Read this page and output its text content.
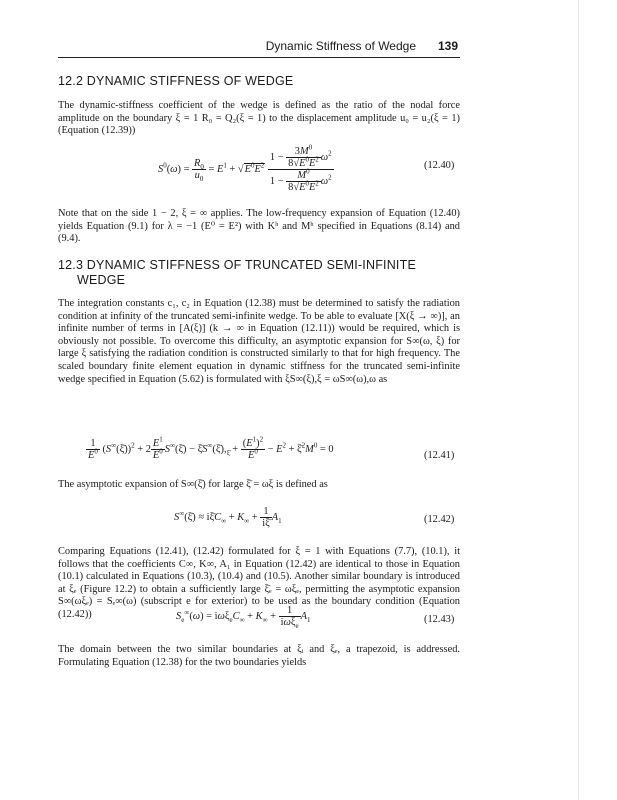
Dynamic Stiffness of Wedge 139
12.2 DYNAMIC STIFFNESS OF WEDGE

The dynamic-stiffness coefficient of the wedge is defined as the ratio of the nodal force amplitude on the boundary ξ = 1 R₀ = Q₂(ξ = 1) to the displacement amplitude u₀ = u₂(ξ = 1) (Equation (12.39))

$S^0(\omega) = \frac{R_0}{u_0} = E^1 + √E^0E^2 \frac{1 - \frac{3M^0}{8√E^0E^2} \omega^2}{1 - \frac{M^0}{8√E^0E^2} \omega^2}$	(12.40)

Note that on the side 1 − 2, ξ = ∞ applies. The low-frequency expansion of Equation (12.40) yields Equation (9.1) for λ = −1 (E⁰ = E²) with Kʰ and Mʰ specified in Equations (8.14) and (9.4).

12.3 DYNAMIC STIFFNESS OF TRUNCATED SEMI-INFINITE
WEDGE

The integration constants c₁, c₂ in Equation (12.38) must be determined to satisfy the radiation condition at infinity of the truncated semi-infinite wedge. To be able to evaluate [X(ξ → ∞)], an infinite number of terms in [A(ξ)] (k → ∞ in Equation (12.11)) would be required, which is obviously not possible. To overcome this difficulty, an asymptotic expansion for S∞(ω, ξ) for large ξ satisfying the radiation condition is constructed similarly to that for high frequency. The scaled boundary finite element equation in dynamic stiffness for the truncated semi-infinite wedge specified in Equation (5.62) is formulated with ξS∞(ξ),ξ = ωS∞(ω),ω as

$\frac{1}{E^0}$ (S∞(ξ̄))$^2$ + $2 \frac{E^1}{E^0}$ S∞(ξ̄) − $\xīS^\infty(\xī),_{\xī} + \frac{(E^1)^2}{E^0} - E^2$ + $\xī^2M^0 = 0$
(12.41)

The asymptotic expansion of S∞(ξ̄) for large ξ̄ = ωξ is defined as

S∞(ξ̄) ≈ $i\xīC_\infty + K_\infty + \frac{1}{i\xī} A_1$	(12.42)

Comparing Equations (12.41), (12.42) formulated for ξ = 1 with Equations (7.7), (10.1), it follows that the coefficients C∞, K∞, A₁ in Equation (12.42) are identical to those in Equation (10.1) calculated in Equations (10.3), (10.4) and (10.5). Another similar boundary is introduced at ξₑ (Figure 12.2) to obtain a sufficiently large ξ̄ₑ = ωξₑ, permitting the asymptotic expansion S∞(ωξₑ) = Sₑ∞(ω) (subscript e for exterior) to be used as the boundary condition (Equation (12.42))	$S_e^\infty(\omega) = i\omega\xi_eC_\infty + K_\infty + \frac{1}{i\omega\xi_e} A_1$	(12.43)

The domain between the two similar boundaries at ξᵢ and ξₑ, a trapezoid, is addressed. Formulating Equation (12.38) for the two boundaries yields
